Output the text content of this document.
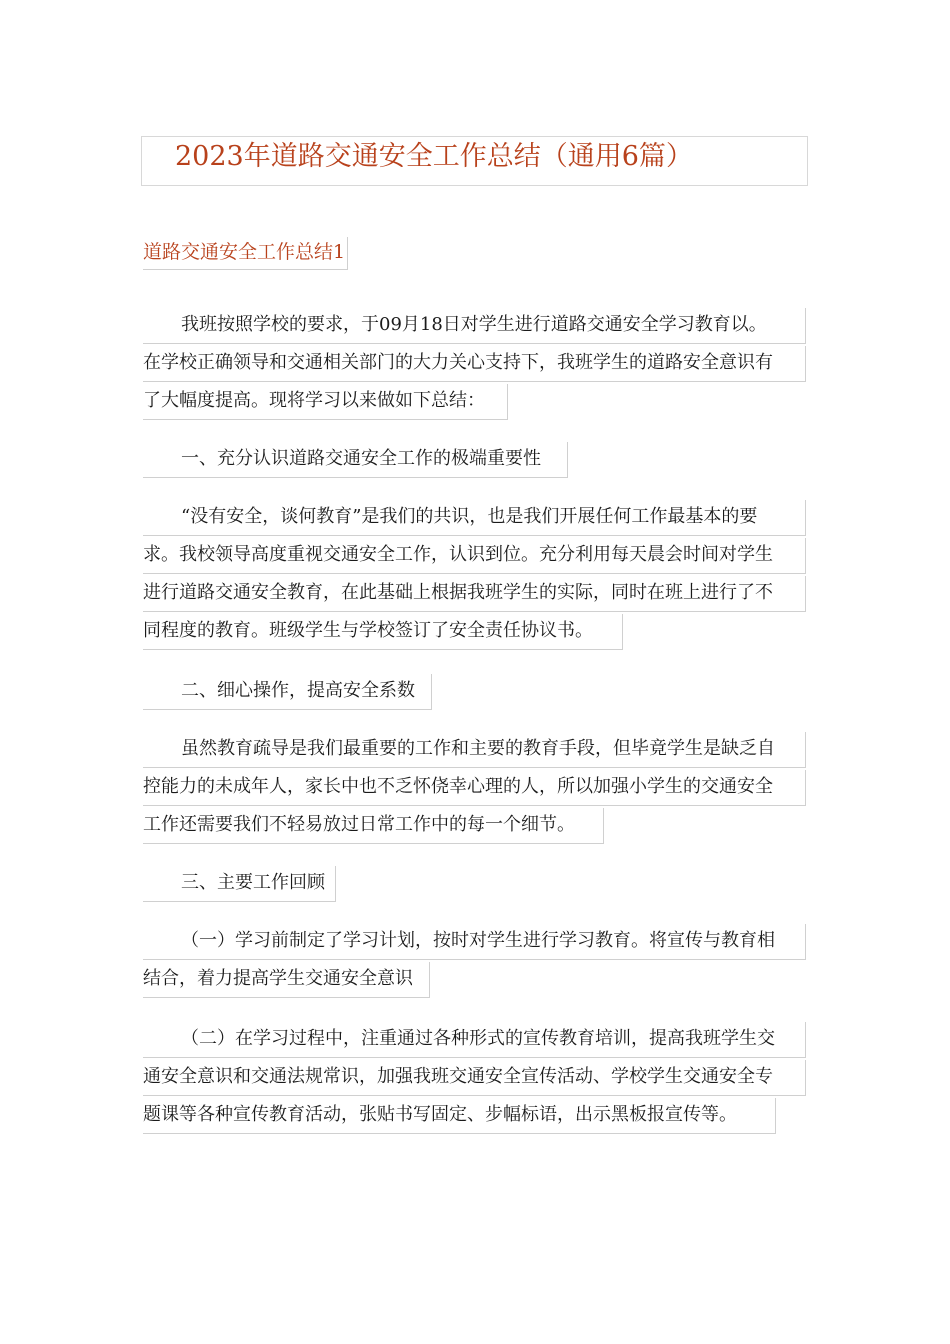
2023年道路交通安全工作总结（通用6篇）
道路交通安全工作总结1
我班按照学校的要求，于09月18日对学生进行道路交通安全学习教育以。
在学校正确领导和交通相关部门的大力关心支持下，我班学生的道路安全意识有
了大幅度提高。现将学习以来做如下总结：
一、充分认识道路交通安全工作的极端重要性
“没有安全，谈何教育”是我们的共识，也是我们开展任何工作最基本的要
求。我校领导高度重视交通安全工作，认识到位。充分利用每天晨会时间对学生
进行道路交通安全教育，在此基础上根据我班学生的实际，同时在班上进行了不
同程度的教育。班级学生与学校签订了安全责任协议书。
二、细心操作，提高安全系数
虽然教育疏导是我们最重要的工作和主要的教育手段，但毕竟学生是缺乏自
控能力的未成年人，家长中也不乏怀侥幸心理的人，所以加强小学生的交通安全
工作还需要我们不轻易放过日常工作中的每一个细节。
三、主要工作回顾
（一）学习前制定了学习计划，按时对学生进行学习教育。将宣传与教育相
结合，着力提高学生交通安全意识
（二）在学习过程中，注重通过各种形式的宣传教育培训，提高我班学生交
通安全意识和交通法规常识，加强我班交通安全宣传活动、学校学生交通安全专
题课等各种宣传教育活动，张贴书写固定、步幅标语，出示黑板报宣传等。
